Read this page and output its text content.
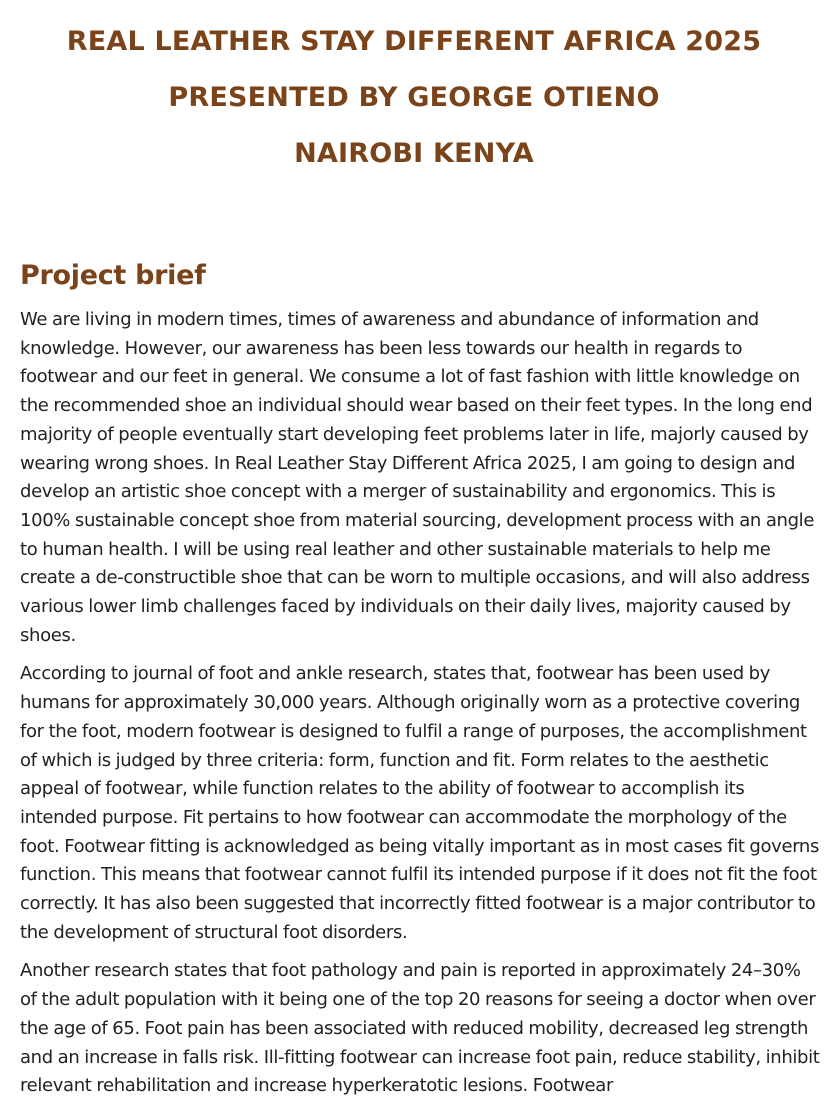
REAL LEATHER STAY DIFFERENT AFRICA 2025

PRESENTED BY GEORGE OTIENO

NAIROBI KENYA

Project brief

We are living in modern times, times of awareness and abundance of information and knowledge. However, our awareness has been less towards our health in regards to footwear and our feet in general. We consume a lot of fast fashion with little knowledge on the recommended shoe an individual should wear based on their feet types. In the long end majority of people eventually start developing feet problems later in life, majorly caused by wearing wrong shoes. In Real Leather Stay Different Africa 2025, I am going to design and develop an artistic shoe concept with a merger of sustainability and ergonomics. This is 100% sustainable concept shoe from material sourcing, development process with an angle to human health. I will be using real leather and other sustainable materials to help me create a de-constructible shoe that can be worn to multiple occasions, and will also address various lower limb challenges faced by individuals on their daily lives, majority caused by shoes.

According to journal of foot and ankle research, states that, footwear has been used by humans for approximately 30,000 years. Although originally worn as a protective covering for the foot, modern footwear is designed to fulfil a range of purposes, the accomplishment of which is judged by three criteria: form, function and fit. Form relates to the aesthetic appeal of footwear, while function relates to the ability of footwear to accomplish its intended purpose. Fit pertains to how footwear can accommodate the morphology of the foot. Footwear fitting is acknowledged as being vitally important as in most cases fit governs function. This means that footwear cannot fulfil its intended purpose if it does not fit the foot correctly. It has also been suggested that incorrectly fitted footwear is a major contributor to the development of structural foot disorders.

Another research states that foot pathology and pain is reported in approximately 24–30% of the adult population with it being one of the top 20 reasons for seeing a doctor when over the age of 65. Foot pain has been associated with reduced mobility, decreased leg strength and an increase in falls risk. Ill-fitting footwear can increase foot pain, reduce stability, inhibit relevant rehabilitation and increase hyperkeratotic lesions. Footwear
